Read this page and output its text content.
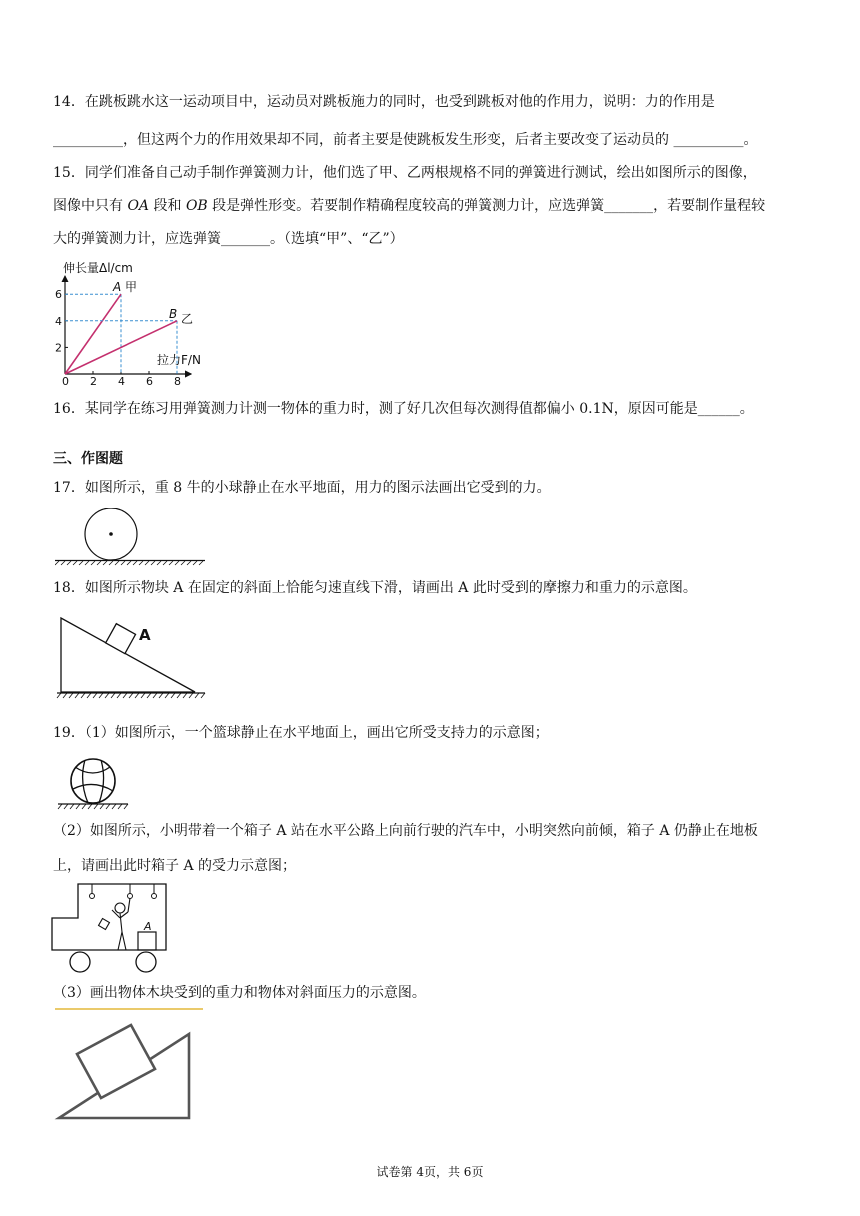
14．在跳板跳水这一运动项目中，运动员对跳板施力的同时，也受到跳板对他的作用力，说明：力的作用是
__________，但这两个力的作用效果却不同，前者主要是使跳板发生形变，后者主要改变了运动员的 __________。
15．同学们准备自己动手制作弹簧测力计，他们选了甲、乙两根规格不同的弹簧进行测试，绘出如图所示的图像，
图像中只有 OA 段和 OB 段是弹性形变。若要制作精确程度较高的弹簧测力计，应选弹簧_______，若要制作量程较
大的弹簧测力计，应选弹簧_______。（选填“甲”、“乙”）
0 2 4 6 8
2
4
6
伸长量Δl/cm
拉力F/N
A 甲
B 乙
16．某同学在练习用弹簧测力计测一物体的重力时，测了好几次但每次测得值都偏小 0.1N，原因可能是______。
三、作图题
17．如图所示，重 8 牛的小球静止在水平地面，用力的图示法画出它受到的力。
18．如图所示物块 A 在固定的斜面上恰能匀速直线下滑，请画出 A 此时受到的摩擦力和重力的示意图。
A
19．（1）如图所示，一个篮球静止在水平地面上，画出它所受支持力的示意图；
（2）如图所示，小明带着一个箱子 A 站在水平公路上向前行驶的汽车中，小明突然向前倾，箱子 A 仍静止在地板
上，请画出此时箱子 A 的受力示意图；
A
（3）画出物体木块受到的重力和物体对斜面压力的示意图。
试卷第 4页，共 6页
